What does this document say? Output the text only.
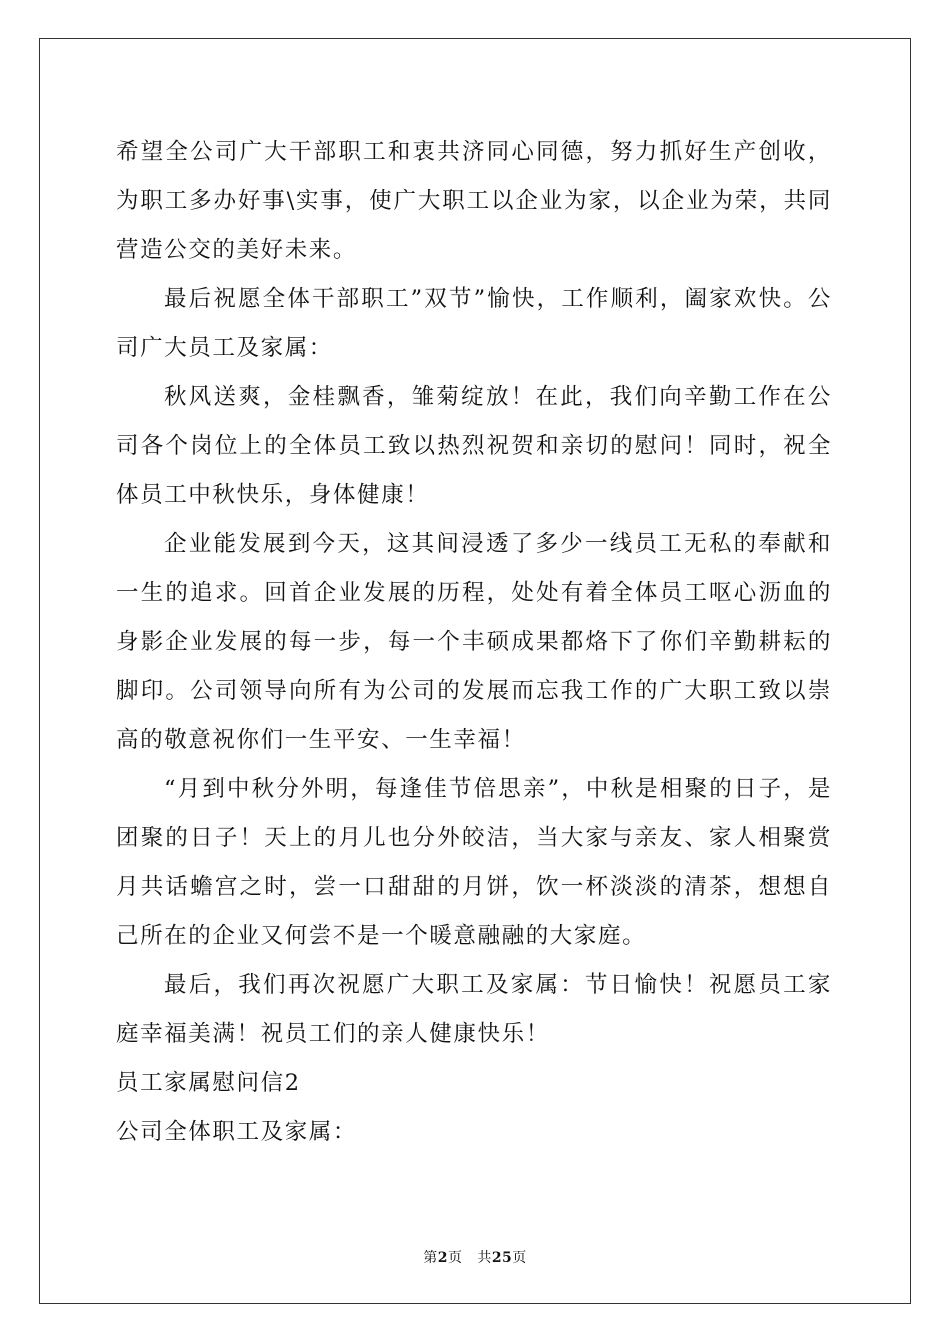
希望全公司广大干部职工和衷共济同心同德，努力抓好生产创收，为职工多办好事\实事，使广大职工以企业为家，以企业为荣，共同营造公交的美好未来。

最后祝愿全体干部职工”双节”愉快，工作顺利，阖家欢快。公司广大员工及家属：

秋风送爽，金桂飘香，雏菊绽放！在此，我们向辛勤工作在公司各个岗位上的全体员工致以热烈祝贺和亲切的慰问！同时，祝全体员工中秋快乐，身体健康！

企业能发展到今天，这其间浸透了多少一线员工无私的奉献和一生的追求。回首企业发展的历程，处处有着全体员工呕心沥血的身影企业发展的每一步，每一个丰硕成果都烙下了你们辛勤耕耘的脚印。公司领导向所有为公司的发展而忘我工作的广大职工致以崇高的敬意祝你们一生平安、一生幸福！

“月到中秋分外明，每逢佳节倍思亲”，中秋是相聚的日子，是团聚的日子！天上的月儿也分外皎洁，当大家与亲友、家人相聚赏月共话蟾宫之时，尝一口甜甜的月饼，饮一杯淡淡的清茶，想想自己所在的企业又何尝不是一个暖意融融的大家庭。

最后，我们再次祝愿广大职工及家属：节日愉快！祝愿员工家庭幸福美满！祝员工们的亲人健康快乐！

员工家属慰问信2

公司全体职工及家属：

第2页 共25页
